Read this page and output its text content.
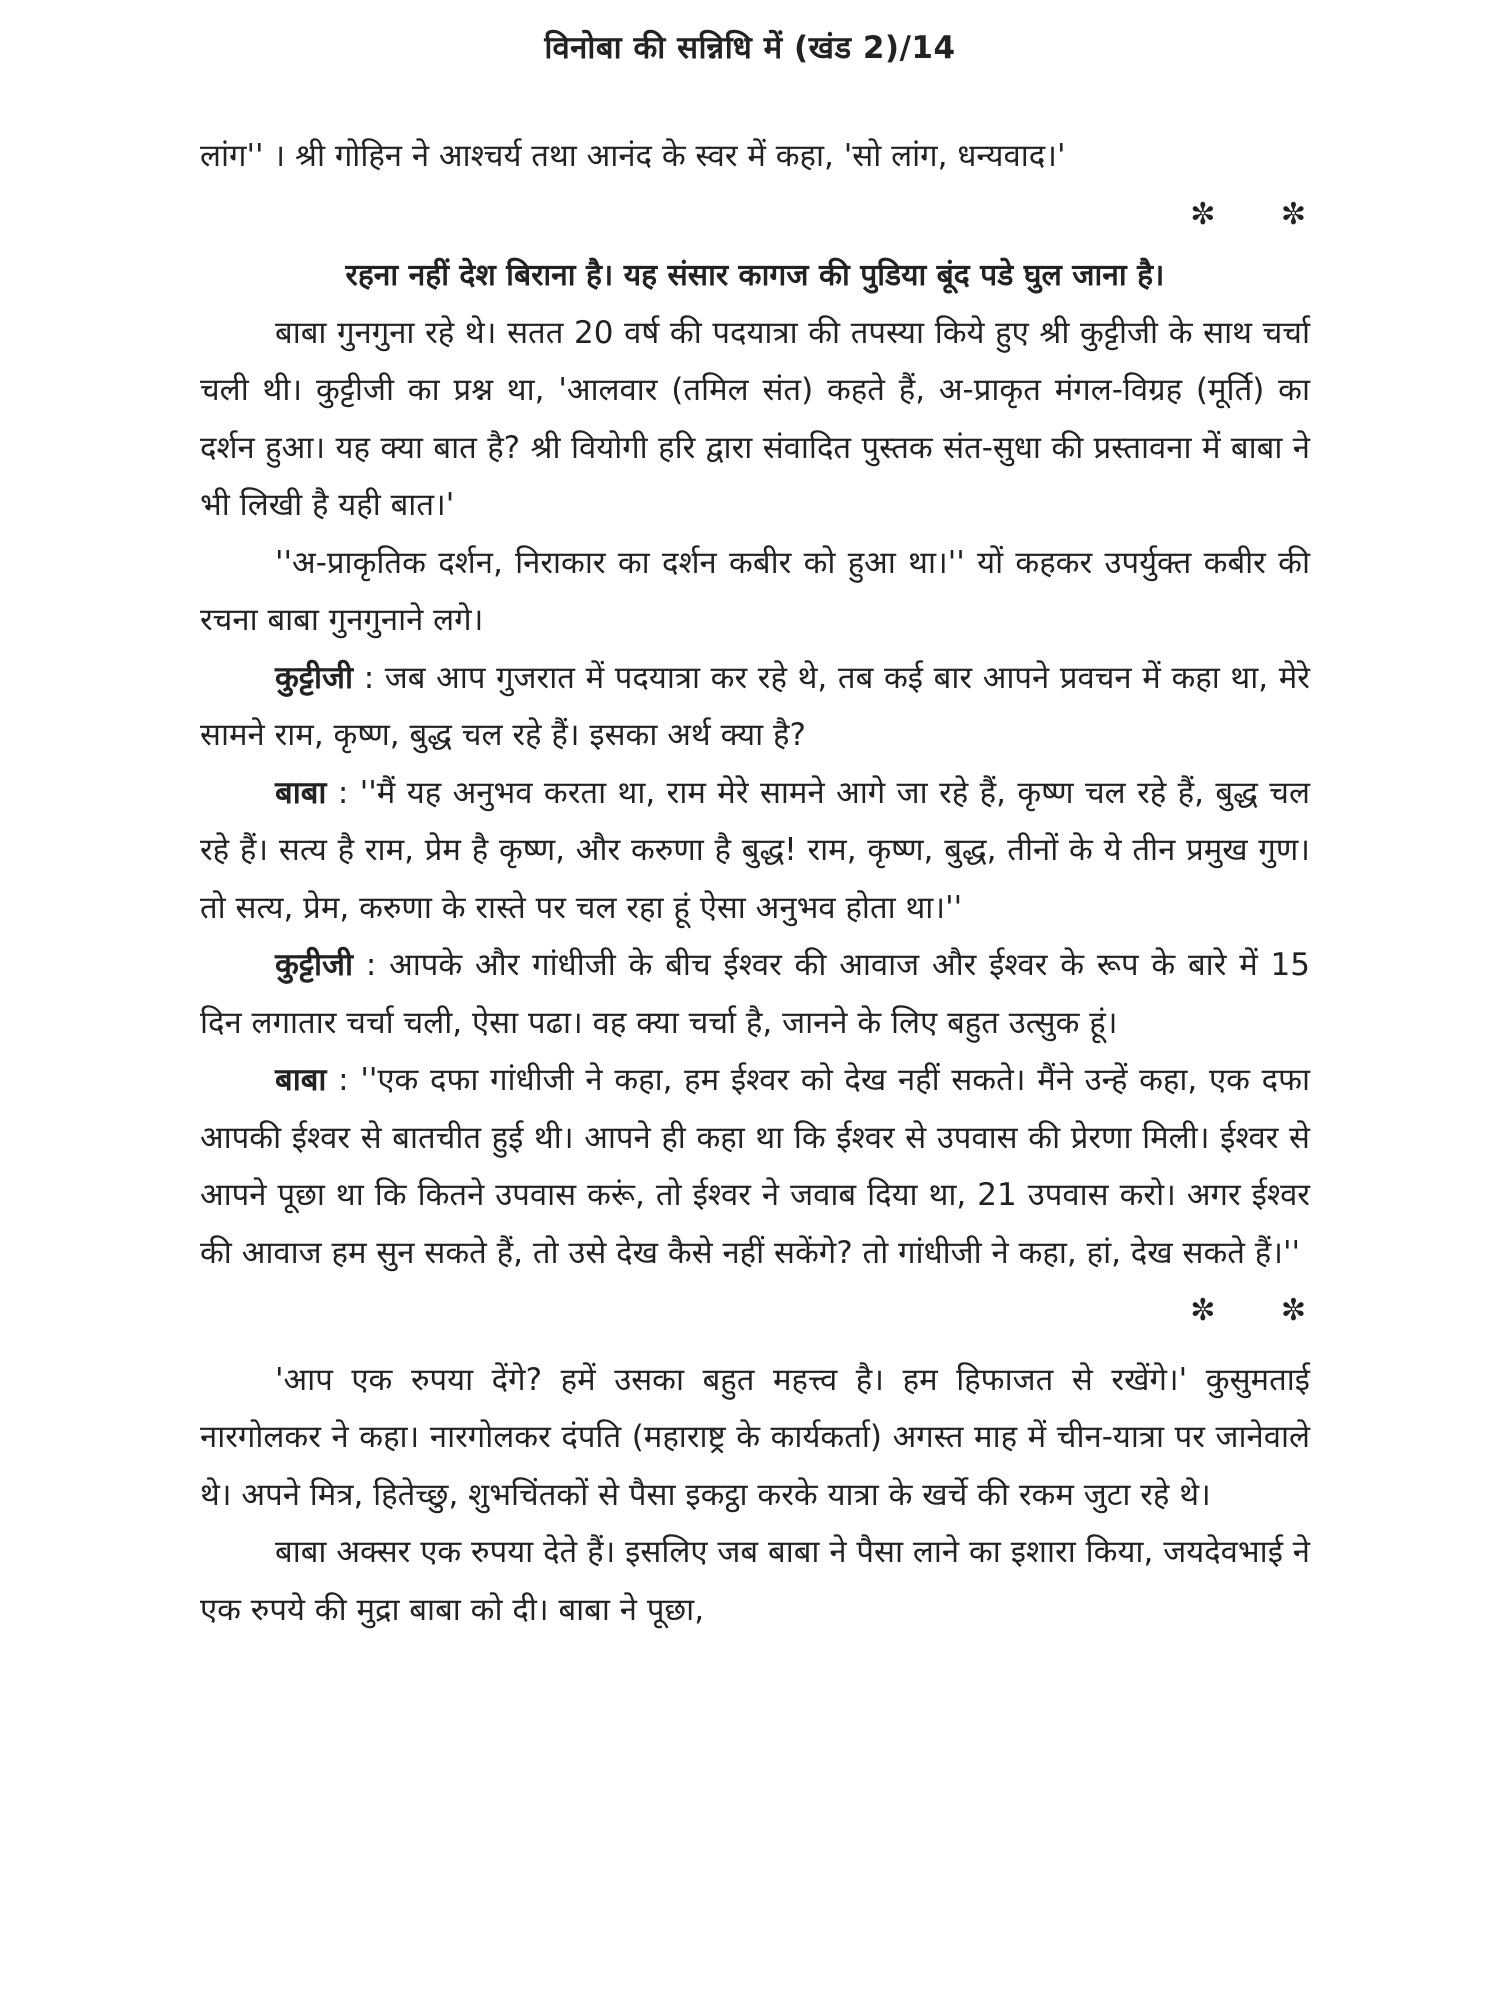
विनोबा की सन्निधि में (खंड 2)/14

लांग'' । श्री गोहिन ने आश्चर्य तथा आनंद के स्वर में कहा, 'सो लांग, धन्यवाद।'

✼ ✼

रहना नहीं देश बिराना है। यह संसार कागज की पुडिया बूंद पडे घुल जाना है।

बाबा गुनगुना रहे थे। सतत 20 वर्ष की पदयात्रा की तपस्या किये हुए श्री कुट्टीजी के साथ चर्चा चली थी। कुट्टीजी का प्रश्न था, 'आलवार (तमिल संत) कहते हैं, अ-प्राकृत मंगल-विग्रह (मूर्ति) का दर्शन हुआ। यह क्या बात है? श्री वियोगी हरि द्वारा संवादित पुस्तक संत-सुधा की प्रस्तावना में बाबा ने भी लिखी है यही बात।'

''अ-प्राकृतिक दर्शन, निराकार का दर्शन कबीर को हुआ था।'' यों कहकर उपर्युक्त कबीर की रचना बाबा गुनगुनाने लगे।

कुट्टीजी : जब आप गुजरात में पदयात्रा कर रहे थे, तब कई बार आपने प्रवचन में कहा था, मेरे सामने राम, कृष्ण, बुद्ध चल रहे हैं। इसका अर्थ क्या है?

बाबा : ''मैं यह अनुभव करता था, राम मेरे सामने आगे जा रहे हैं, कृष्ण चल रहे हैं, बुद्ध चल रहे हैं। सत्य है राम, प्रेम है कृष्ण, और करुणा है बुद्ध! राम, कृष्ण, बुद्ध, तीनों के ये तीन प्रमुख गुण। तो सत्य, प्रेम, करुणा के रास्ते पर चल रहा हूं ऐसा अनुभव होता था।''

कुट्टीजी : आपके और गांधीजी के बीच ईश्वर की आवाज और ईश्वर के रूप के बारे में 15 दिन लगातार चर्चा चली, ऐसा पढा। वह क्या चर्चा है, जानने के लिए बहुत उत्सुक हूं।

बाबा : ''एक दफा गांधीजी ने कहा, हम ईश्वर को देख नहीं सकते। मैंने उन्हें कहा, एक दफा आपकी ईश्वर से बातचीत हुई थी। आपने ही कहा था कि ईश्वर से उपवास की प्रेरणा मिली। ईश्वर से आपने पूछा था कि कितने उपवास करूं, तो ईश्वर ने जवाब दिया था, 21 उपवास करो। अगर ईश्वर की आवाज हम सुन सकते हैं, तो उसे देख कैसे नहीं सकेंगे? तो गांधीजी ने कहा, हां, देख सकते हैं।''

✼ ✼

'आप एक रुपया देंगे? हमें उसका बहुत महत्त्व है। हम हिफाजत से रखेंगे।' कुसुमताई नारगोलकर ने कहा। नारगोलकर दंपति (महाराष्ट्र के कार्यकर्ता) अगस्त माह में चीन-यात्रा पर जानेवाले थे। अपने मित्र, हितेच्छु, शुभचिंतकों से पैसा इकट्ठा करके यात्रा के खर्चे की रकम जुटा रहे थे।

बाबा अक्सर एक रुपया देते हैं। इसलिए जब बाबा ने पैसा लाने का इशारा किया, जयदेवभाई ने एक रुपये की मुद्रा बाबा को दी। बाबा ने पूछा,
